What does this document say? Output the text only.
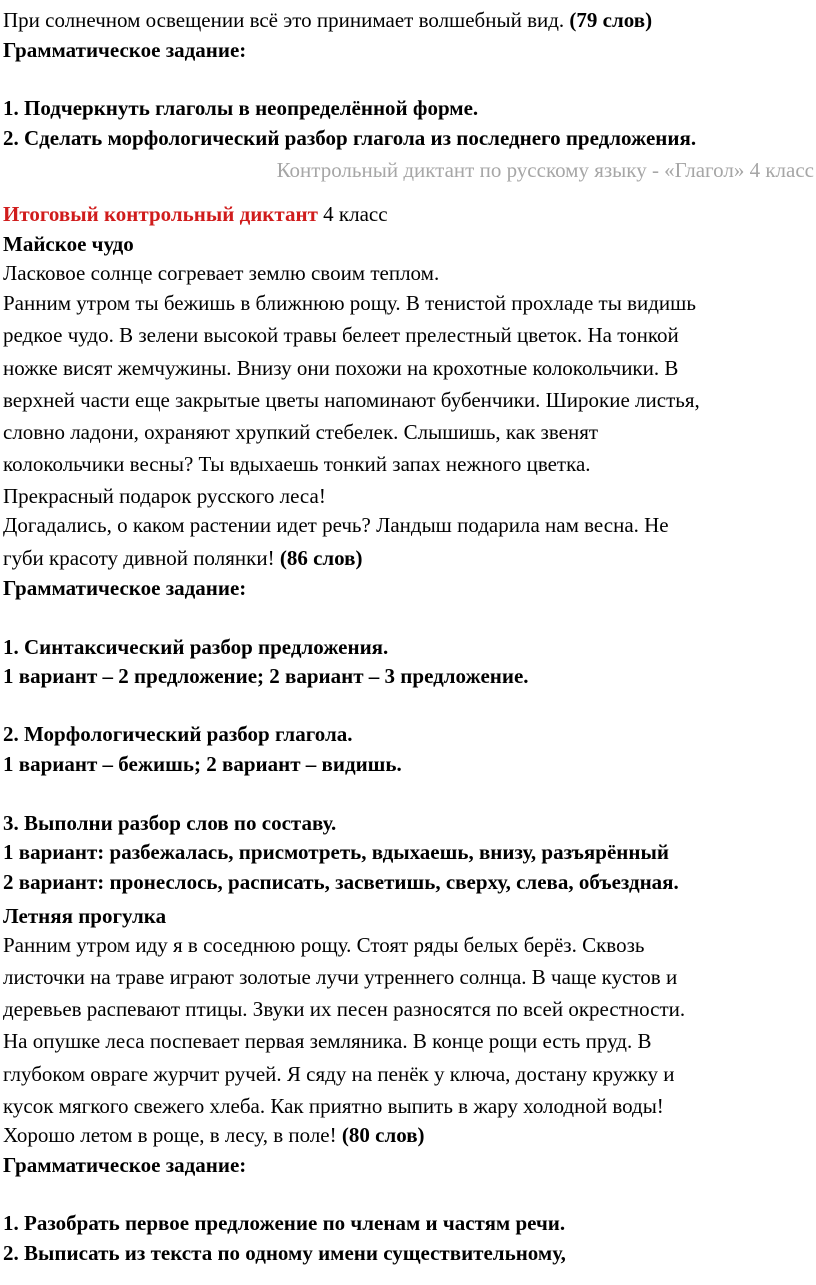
При солнечном освещении всё это принимает волшебный вид. (79 слов)
Грамматическое задание:
1. Подчеркнуть глаголы в неопределённой форме.
2. Сделать морфологический разбор глагола из последнего предложения.
Контрольный диктант по русскому языку - «Глагол» 4 класс
Итоговый контрольный диктант 4 класс
Майское чудо
Ласковое солнце согревает землю своим теплом.
Ранним утром ты бежишь в ближнюю рощу. В тенистой прохладе ты видишь
редкое чудо. В зелени высокой травы белеет прелестный цветок. На тонкой
ножке висят жемчужины. Внизу они похожи на крохотные колокольчики. В
верхней части еще закрытые цветы напоминают бубенчики. Широкие листья,
словно ладони, охраняют хрупкий стебелек. Слышишь, как звенят
колокольчики весны? Ты вдыхаешь тонкий запах нежного цветка.
Прекрасный подарок русского леса!
Догадались, о каком растении идет речь? Ландыш подарила нам весна. Не
губи красоту дивной полянки! (86 слов)
Грамматическое задание:
1. Синтаксический разбор предложения.
1 вариант – 2 предложение; 2 вариант – 3 предложение.
2. Морфологический разбор глагола.
1 вариант – бежишь; 2 вариант – видишь.
3. Выполни разбор слов по составу.
1 вариант: разбежалась, присмотреть, вдыхаешь, внизу, разъярённый
2 вариант: пронеслось, расписать, засветишь, сверху, слева, объездная.
Летняя прогулка
Ранним утром иду я в соседнюю рощу. Стоят ряды белых берёз. Сквозь
листочки на траве играют золотые лучи утреннего солнца. В чаще кустов и
деревьев распевают птицы. Звуки их песен разносятся по всей окрестности.
На опушке леса поспевает первая земляника. В конце рощи есть пруд. В
глубоком овраге журчит ручей. Я сяду на пенёк у ключа, достану кружку и
кусок мягкого свежего хлеба. Как приятно выпить в жару холодной воды!
Хорошо летом в роще, в лесу, в поле! (80 слов)
Грамматическое задание:
1. Разобрать первое предложение по членам и частям речи.
2. Выписать из текста по одному имени существительному,
